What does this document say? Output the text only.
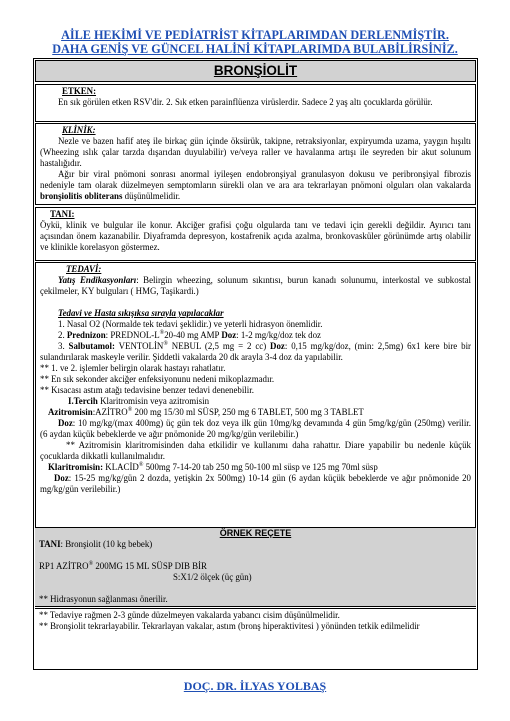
AİLE HEKİMİ VE PEDİATRİST KİTAPLARIMDAN DERLENMİŞTİR.
DAHA GENİŞ VE GÜNCEL HALİNİ KİTAPLARIMDA BULABİLİRSİNİZ.
BRONŞİOLİT

ETKEN:

En sık görülen etken RSV'dir. 2. Sık etken parainflüenza virüslerdir. Sadece 2 yaş altı çocuklarda görülür.

KLİNİK:

Nezle ve bazen hafif ateş ile birkaç gün içinde öksürük, takipne, retraksiyonlar, expiryumda uzama, yaygın hışıltı (Wheezing ıslık çalar tarzda dışarıdan duyulabilir) ve/veya raller ve havalanma artışı ile seyreden bir akut solunum hastalığıdır.

Ağır bir viral pnömoni sonrası anormal iyileşen endobronşiyal granulasyon dokusu ve peribronşiyal fibrozis nedeniyle tam olarak düzelmeyen semptomların sürekli olan ve ara ara tekrarlayan pnömoni olguları olan vakalarda bronşiolitis obliterans düşünülmelidir.

TANI:

Öykü, klinik ve bulgular ile konur. Akciğer grafisi çoğu olgularda tanı ve tedavi için gerekli değildir. Ayırıcı tanı açısından önem kazanabilir. Diyaframda depresyon, kostafrenik açıda azalma, bronkovasküler görünümde artış olabilir ve klinikle korelasyon göstermez.

TEDAVİ:

Yatış Endikasyonları: Belirgin wheezing, solunum sıkıntısı, burun kanadı solunumu, interkostal ve subkostal çekilmeler, KY bulguları ( HMG, Taşikardi.)

Tedavi ve Hasta sıkışıksa sırayla yapılacaklar

1. Nasal O2 (Normalde tek tedavi şeklidir.) ve yeterli hidrasyon önemlidir.

2. Prednizon: PREDNOL-L®20-40 mg AMP Doz: 1-2 mg/kg/doz tek doz

3. Salbutamol: VENTOLİN® NEBUL (2,5 mg = 2 cc) Doz: 0,15 mg/kg/doz, (min: 2,5mg) 6x1 kere bire bir sulandırılarak maskeyle verilir. Şiddetli vakalarda 20 dk arayla 3-4 doz da yapılabilir.

** 1. ve 2. işlemler belirgin olarak hastayı rahatlatır.

** En sık sekonder akciğer enfeksiyonunu nedeni mikoplazmadır.

** Kısacası astım atağı tedavisine benzer tedavi denenebilir.

I.Tercih Klaritromisin veya azitromisin

Azitromisin:AZİTRO® 200 mg 15/30 ml SÜSP, 250 mg 6 TABLET, 500 mg 3 TABLET

Doz: 10 mg/kg/(max 400mg) üç gün tek doz veya ilk gün 10mg/kg devamında 4 gün 5mg/kg/gün (250mg) verilir. (6 aydan küçük bebeklerde ve ağır pnömonide 20 mg/kg/gün verilebilir.)

** Azitromisin klaritromisinden daha etkilidir ve kullanımı daha rahattır. Diare yapabilir bu nedenle küçük çocuklarda dikkatli kullanılmalıdır.

Klaritromisin: KLACİD® 500mg 7-14-20 tab 250 mg 50-100 ml süsp ve 125 mg 70ml süsp

Doz: 15-25 mg/kg/gün 2 dozda, yetişkin 2x 500mg) 10-14 gün (6 aydan küçük bebeklerde ve ağır pnömonide 20 mg/kg/gün verilebilir.)

ÖRNEK REÇETE

TANI: Bronşiolit (10 kg bebek)

RP1 AZİTRO® 200MG 15 ML SÜSP DIB BİR

S:X1/2 ölçek (üç gün)

** Hidrasyonun sağlanması önerilir.

** Tedaviye rağmen 2-3 günde düzelmeyen vakalarda yabancı cisim düşünülmelidir.

** Bronşiolit tekrarlayabilir. Tekrarlayan vakalar, astım (bronş hiperaktivitesi ) yönünden tetkik edilmelidir

DOÇ. DR. İLYAS YOLBAŞ
